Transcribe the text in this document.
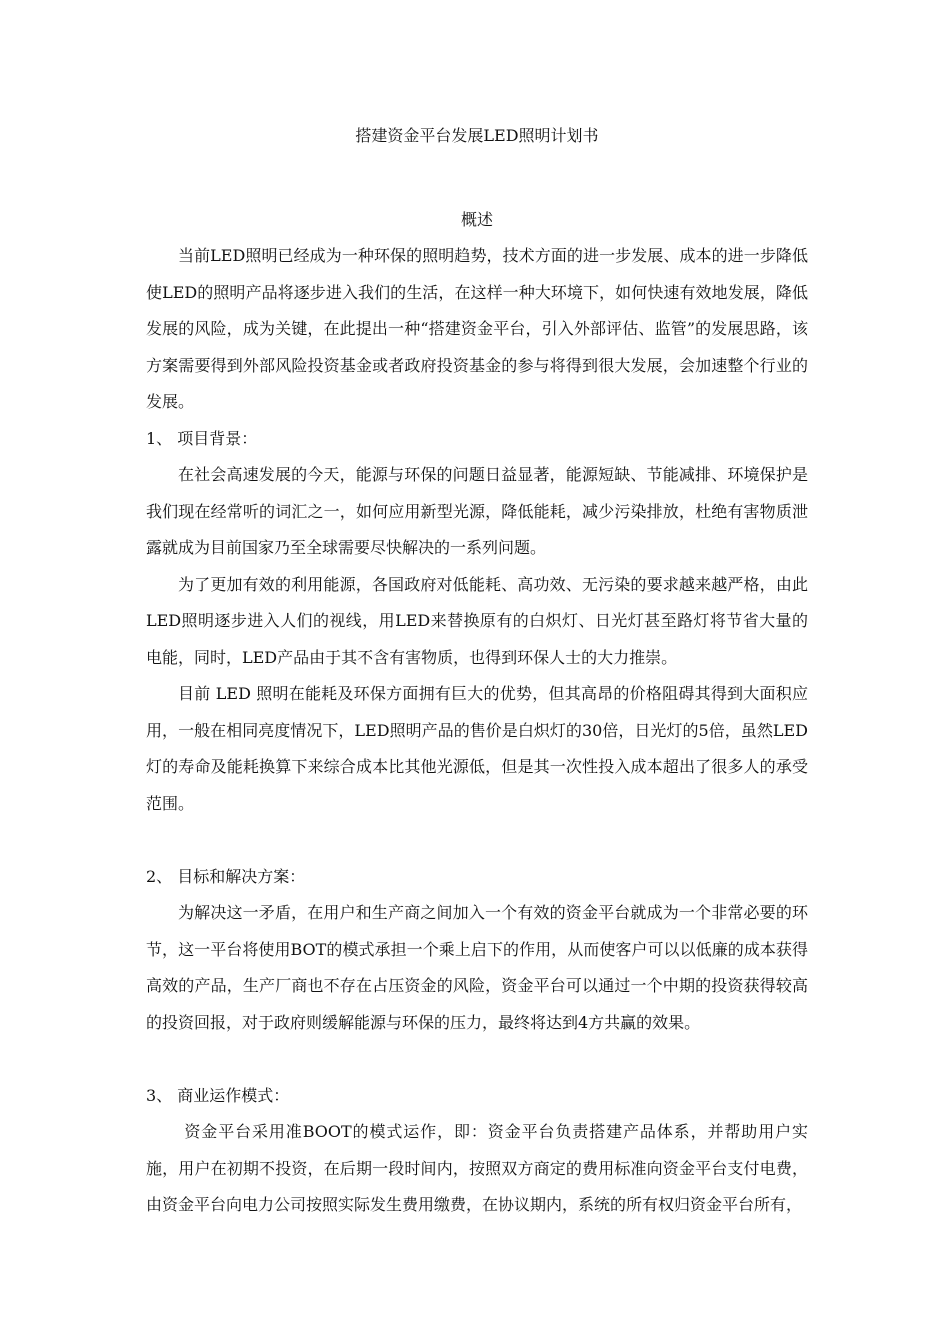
搭建资金平台发展LED照明计划书
概述

当前LED照明已经成为一种环保的照明趋势，技术方面的进一步发展、成本的进一步降低使LED的照明产品将逐步进入我们的生活，在这样一种大环境下，如何快速有效地发展，降低发展的风险，成为关键，在此提出一种“搭建资金平台，引入外部评估、监管”的发展思路，该方案需要得到外部风险投资基金或者政府投资基金的参与将得到很大发展，会加速整个行业的发展。

1、 项目背景：

在社会高速发展的今天，能源与环保的问题日益显著，能源短缺、节能减排、环境保护是我们现在经常听的词汇之一，如何应用新型光源，降低能耗，减少污染排放，杜绝有害物质泄露就成为目前国家乃至全球需要尽快解决的一系列问题。

为了更加有效的利用能源，各国政府对低能耗、高功效、无污染的要求越来越严格，由此LED照明逐步进入人们的视线，用LED来替换原有的白炽灯、日光灯甚至路灯将节省大量的电能，同时，LED产品由于其不含有害物质，也得到环保人士的大力推崇。

目前 LED 照明在能耗及环保方面拥有巨大的优势，但其高昂的价格阻碍其得到大面积应用，一般在相同亮度情况下，LED照明产品的售价是白炽灯的30倍，日光灯的5倍，虽然LED灯的寿命及能耗换算下来综合成本比其他光源低，但是其一次性投入成本超出了很多人的承受范围。

2、 目标和解决方案：

为解决这一矛盾，在用户和生产商之间加入一个有效的资金平台就成为一个非常必要的环节，这一平台将使用BOT的模式承担一个乘上启下的作用，从而使客户可以以低廉的成本获得高效的产品，生产厂商也不存在占压资金的风险，资金平台可以通过一个中期的投资获得较高的投资回报，对于政府则缓解能源与环保的压力，最终将达到4方共赢的效果。

3、 商业运作模式：

资金平台采用准BOOT的模式运作，即：资金平台负责搭建产品体系，并帮助用户实施，用户在初期不投资，在后期一段时间内，按照双方商定的费用标准向资金平台支付电费，由资金平台向电力公司按照实际发生费用缴费，在协议期内，系统的所有权归资金平台所有，
